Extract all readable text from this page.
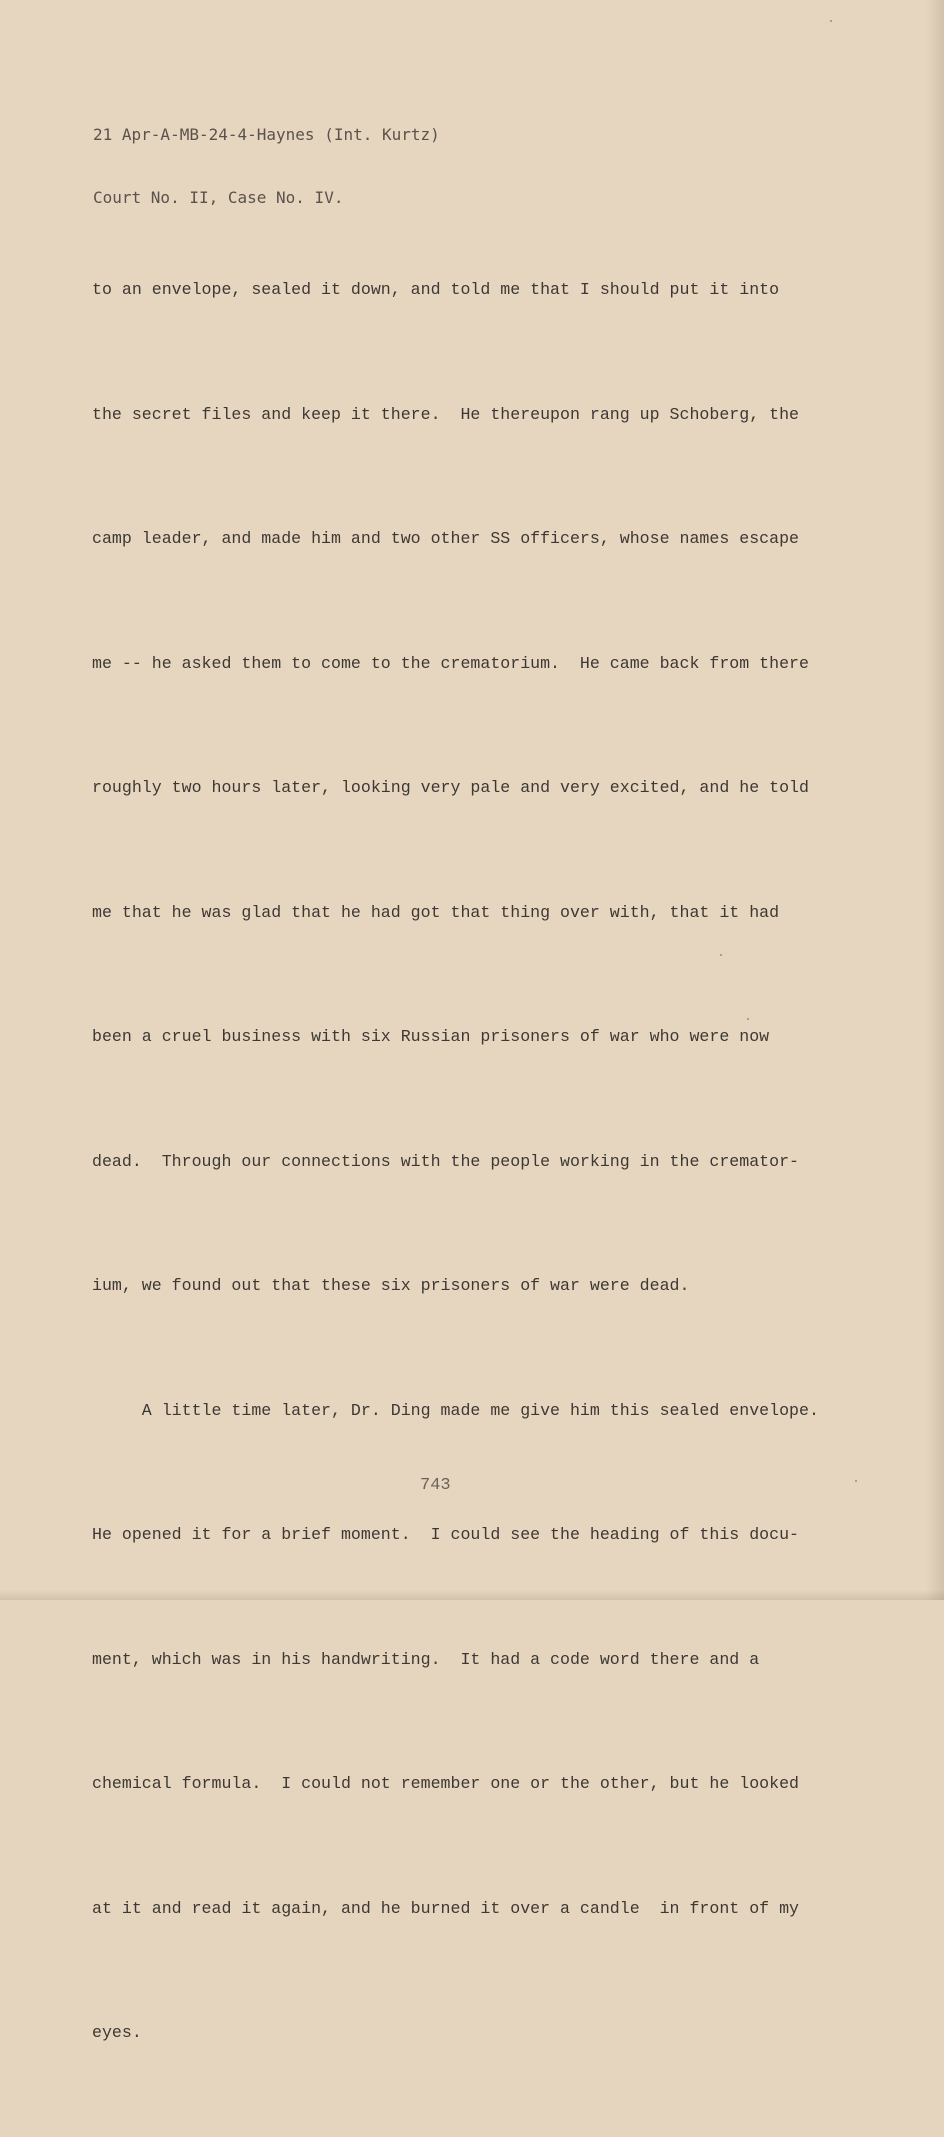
21 Apr-A-MB-24-4-Haynes (Int. Kurtz)

Court No. II, Case No. IV.

to an envelope, sealed it down, and told me that I should put it into

the secret files and keep it there.  He thereupon rang up Schoberg, the

camp leader, and made him and two other SS officers, whose names escape

me -- he asked them to come to the crematorium.  He came back from there

roughly two hours later, looking very pale and very excited, and he told

me that he was glad that he had got that thing over with, that it had

been a cruel business with six Russian prisoners of war who were now

dead.  Through our connections with the people working in the cremator-

ium, we found out that these six prisoners of war were dead.

A little time later, Dr. Ding made me give him this sealed envelope.

He opened it for a brief moment.  I could see the heading of this docu-

ment, which was in his handwriting.  It had a code word there and a

chemical formula.  I could not remember one or the other, but he looked

at it and read it again, and he burned it over a candle  in front of my

eyes.

743
